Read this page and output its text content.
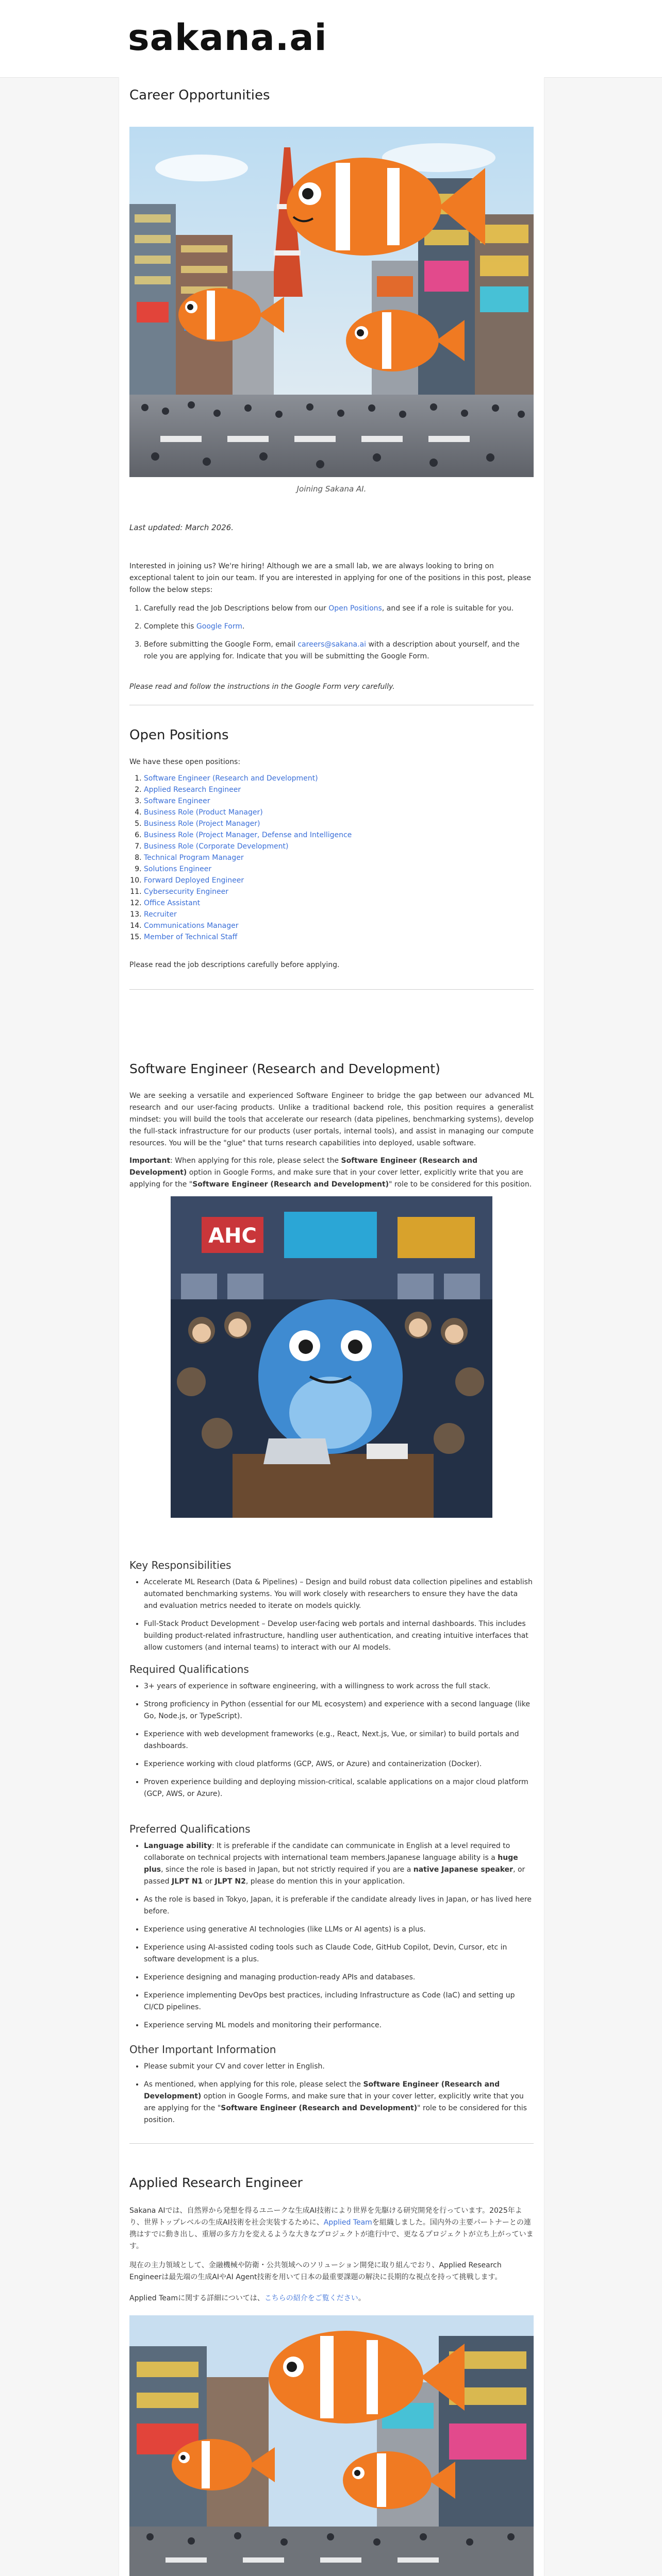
sakana.ai
Career Opportunities
Joining Sakana AI.
Last updated: March 2026.
Interested in joining us? We're hiring! Although we are a small lab, we are always looking to bring on exceptional talent to join our team. If you are interested in applying for one of the positions in this post, please follow the below steps:
1. Carefully read the Job Descriptions below from our Open Positions, and see if a role is suitable for you.
2. Complete this Google Form.
3. Before submitting the Google Form, email careers@sakana.ai with a description about yourself, and the role you are applying for. Indicate that you will be submitting the Google Form.
Please read and follow the instructions in the Google Form very carefully.
Open Positions
We have these open positions:
1. Software Engineer (Research and Development)
2. Applied Research Engineer
3. Software Engineer
4. Business Role (Product Manager)
5. Business Role (Project Manager)
6. Business Role (Project Manager, Defense and Intelligence
7. Business Role (Corporate Development)
8. Technical Program Manager
9. Solutions Engineer
10. Forward Deployed Engineer
11. Cybersecurity Engineer
12. Office Assistant
13. Recruiter
14. Communications Manager
15. Member of Technical Staff
Please read the job descriptions carefully before applying.
Software Engineer (Research and Development)
We are seeking a versatile and experienced Software Engineer to bridge the gap between our advanced ML research and our user-facing products. Unlike a traditional backend role, this position requires a generalist mindset: you will build the tools that accelerate our research (data pipelines, benchmarking systems), develop the full-stack infrastructure for our products (user portals, internal tools), and assist in managing our compute resources. You will be the "glue" that turns research capabilities into deployed, usable software.
Important: When applying for this role, please select the Software Engineer (Research and Development) option in Google Forms, and make sure that in your cover letter, explicitly write that you are applying for the "Software Engineer (Research and Development)" role to be considered for this position.
AHC
Key Responsibilities
• Accelerate ML Research (Data & Pipelines) – Design and build robust data collection pipelines and establish automated benchmarking systems. You will work closely with researchers to ensure they have the data and evaluation metrics needed to iterate on models quickly.
• Full-Stack Product Development – Develop user-facing web portals and internal dashboards. This includes building product-related infrastructure, handling user authentication, and creating intuitive interfaces that allow customers (and internal teams) to interact with our AI models.
Required Qualifications
• 3+ years of experience in software engineering, with a willingness to work across the full stack.
• Strong proficiency in Python (essential for our ML ecosystem) and experience with a second language (like Go, Node.js, or TypeScript).
• Experience with web development frameworks (e.g., React, Next.js, Vue, or similar) to build portals and dashboards.
• Experience working with cloud platforms (GCP, AWS, or Azure) and containerization (Docker).
• Proven experience building and deploying mission-critical, scalable applications on a major cloud platform (GCP, AWS, or Azure).
Preferred Qualifications
• Language ability: It is preferable if the candidate can communicate in English at a level required to collaborate on technical projects with international team members.Japanese language ability is a huge plus, since the role is based in Japan, but not strictly required if you are a native Japanese speaker, or passed JLPT N1 or JLPT N2, please do mention this in your application.
• As the role is based in Tokyo, Japan, it is preferable if the candidate already lives in Japan, or has lived here before.
• Experience using generative AI technologies (like LLMs or AI agents) is a plus.
• Experience using AI-assisted coding tools such as Claude Code, GitHub Copilot, Devin, Cursor, etc in software development is a plus.
• Experience designing and managing production-ready APIs and databases.
• Experience implementing DevOps best practices, including Infrastructure as Code (IaC) and setting up CI/CD pipelines.
• Experience serving ML models and monitoring their performance.
Other Important Information
• Please submit your CV and cover letter in English.
• As mentioned, when applying for this role, please select the Software Engineer (Research and Development) option in Google Forms, and make sure that in your cover letter, explicitly write that you are applying for the "Software Engineer (Research and Development)" role to be considered for this position.
Applied Research Engineer
Sakana AIでは、自然界から発想を得るユニークな生成AI技術により世界を先駆ける研究開発を行っています。2025年より、世界トップレベルの生成AI技術を社会実装するために、Applied Teamを組織しました。国内外の主要パートナーとの連携はすでに動き出し、重層の多方力を変えるような大きなプロジェクトが進行中で、更なるプロジェクトが立ち上がっています。
現在の主力領域として、金融機械や防衛・公共領域へのソリューション開発に取り組んでおり、Applied Research Engineerは最先端の生成AIやAI Agent技術を用いて日本の最重要課題の解決に長期的な視点を持って挑戦します。
Applied Teamに関する詳細については、こちらの紹介をご覧ください。
